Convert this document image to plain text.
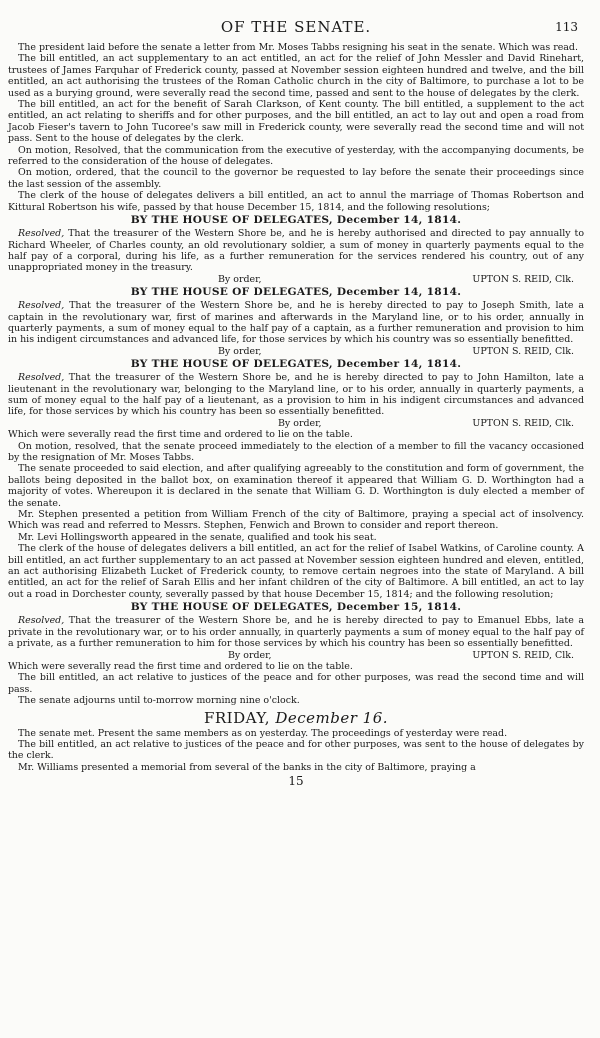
OF THE SENATE.	113

The president laid before the senate a letter from Mr. Moses Tabbs resigning his seat in the senate. Which was read.

The bill entitled, an act supplementary to an act entitled, an act for the relief of John Messler and David Rinehart, trustees of James Farquhar of Frederick county, passed at November session eighteen hundred and twelve, and the bill entitled, an act authorising the trustees of the Roman Catholic church in the city of Baltimore, to purchase a lot to be used as a burying ground, were severally read the second time, passed and sent to the house of delegates by the clerk.

The bill entitled, an act for the benefit of Sarah Clarkson, of Kent county. The bill entitled, a supplement to the act entitled, an act relating to sheriffs and for other purposes, and the bill entitled, an act to lay out and open a road from Jacob Fieser's tavern to John Tucoree's saw mill in Frederick county, were severally read the second time and will not pass. Sent to the house of delegates by the clerk.

On motion, Resolved, that the communication from the executive of yesterday, with the accompanying documents, be referred to the consideration of the house of delegates.

On motion, ordered, that the council to the governor be requested to lay before the senate their proceedings since the last session of the assembly.

The clerk of the house of delegates delivers a bill entitled, an act to annul the marriage of Thomas Robertson and Kittural Robertson his wife, passed by that house December 15, 1814, and the following resolutions;

BY THE HOUSE OF DELEGATES, December 14, 1814.

Resolved, That the treasurer of the Western Shore be, and he is hereby authorised and directed to pay annually to Richard Wheeler, of Charles county, an old revolutionary soldier, a sum of money in quarterly payments equal to the half pay of a corporal, during his life, as a further remuneration for the services rendered his country, out of any unappropriated money in the treasury.

By order,	UPTON S. REID, Clk.
BY THE HOUSE OF DELEGATES, December 14, 1814.

Resolved, That the treasurer of the Western Shore be, and he is hereby directed to pay to Joseph Smith, late a captain in the revolutionary war, first of marines and afterwards in the Maryland line, or to his order, annually in quarterly payments, a sum of money equal to the half pay of a captain, as a further remuneration and provision to him in his indigent circumstances and advanced life, for those services by which his country was so essentially benefitted.

By order,	UPTON S. REID, Clk.
BY THE HOUSE OF DELEGATES, December 14, 1814.

Resolved, That the treasurer of the Western Shore be, and he is hereby directed to pay to John Hamilton, late a lieutenant in the revolutionary war, belonging to the Maryland line, or to his order, annually in quarterly payments, a sum of money equal to the half pay of a lieutenant, as a provision to him in his indigent circumstances and advanced life, for those services by which his country has been so essentially benefitted.

By order,	UPTON S. REID, Clk.

Which were severally read the first time and ordered to lie on the table.

On motion, resolved, that the senate proceed immediately to the election of a member to fill the vacancy occasioned by the resignation of Mr. Moses Tabbs.

The senate proceeded to said election, and after qualifying agreeably to the constitution and form of government, the ballots being deposited in the ballot box, on examination thereof it appeared that William G. D. Worthington had a majority of votes. Whereupon it is declared in the senate that William G. D. Worthington is duly elected a member of the senate.

Mr. Stephen presented a petition from William French of the city of Baltimore, praying a special act of insolvency. Which was read and referred to Messrs. Stephen, Fenwich and Brown to consider and report thereon.

Mr. Levi Hollingsworth appeared in the senate, qualified and took his seat.

The clerk of the house of delegates delivers a bill entitled, an act for the relief of Isabel Watkins, of Caroline county. A bill entitled, an act further supplementary to an act passed at November session eighteen hundred and eleven, entitled, an act authorising Elizabeth Lucket of Frederick county, to remove certain negroes into the state of Maryland. A bill entitled, an act for the relief of Sarah Ellis and her infant children of the city of Baltimore. A bill entitled, an act to lay out a road in Dorchester county, severally passed by that house December 15, 1814; and the following resolution;

BY THE HOUSE OF DELEGATES, December 15, 1814.

Resolved, That the treasurer of the Western Shore be, and he is hereby directed to pay to Emanuel Ebbs, late a private in the revolutionary war, or to his order annually, in quarterly payments a sum of money equal to the half pay of a private, as a further remuneration to him for those services by which his country has been so essentially benefitted.

By order,	UPTON S. REID, Clk.

Which were severally read the first time and ordered to lie on the table.

The bill entitled, an act relative to justices of the peace and for other purposes, was read the second time and will pass.

The senate adjourns until to-morrow morning nine o'clock.

FRIDAY, December 16.

The senate met. Present the same members as on yesterday. The proceedings of yesterday were read.

The bill entitled, an act relative to justices of the peace and for other purposes, was sent to the house of delegates by the clerk.

Mr. Williams presented a memorial from several of the banks in the city of Baltimore, praying a

15
